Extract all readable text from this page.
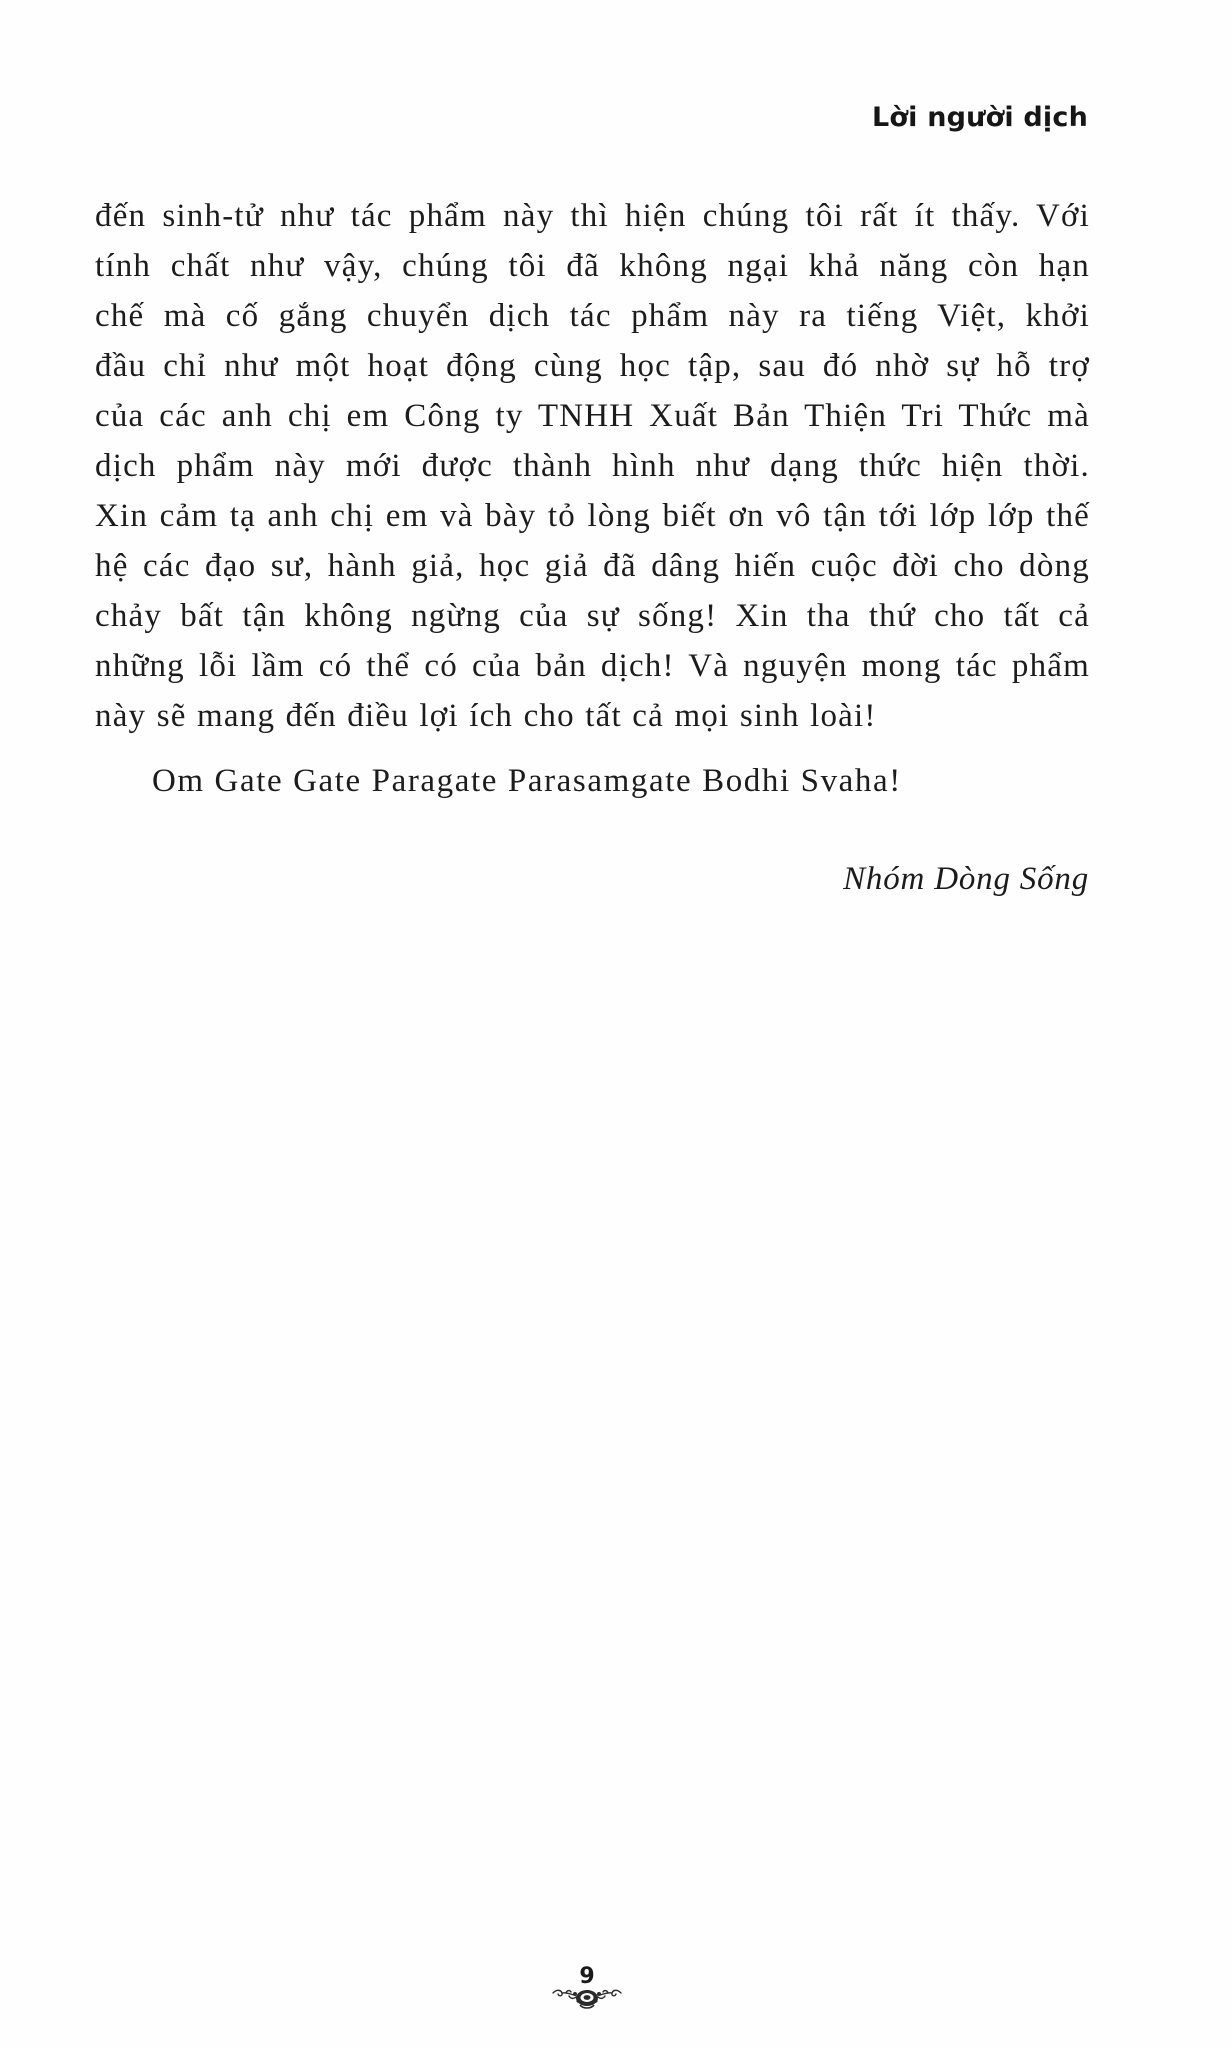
Lời người dịch
đến sinh-tử như tác phẩm này thì hiện chúng tôi rất ít thấy. Với
tính chất như vậy, chúng tôi đã không ngại khả năng còn hạn
chế mà cố gắng chuyển dịch tác phẩm này ra tiếng Việt, khởi
đầu chỉ như một hoạt động cùng học tập, sau đó nhờ sự hỗ trợ
của các anh chị em Công ty TNHH Xuất Bản Thiện Tri Thức mà
dịch phẩm này mới được thành hình như dạng thức hiện thời.
Xin cảm tạ anh chị em và bày tỏ lòng biết ơn vô tận tới lớp lớp thế
hệ các đạo sư, hành giả, học giả đã dâng hiến cuộc đời cho dòng
chảy bất tận không ngừng của sự sống! Xin tha thứ cho tất cả
những lỗi lầm có thể có của bản dịch! Và nguyện mong tác phẩm
này sẽ mang đến điều lợi ích cho tất cả mọi sinh loài!
Om Gate Gate Paragate Parasamgate Bodhi Svaha!
Nhóm Dòng Sống
9
